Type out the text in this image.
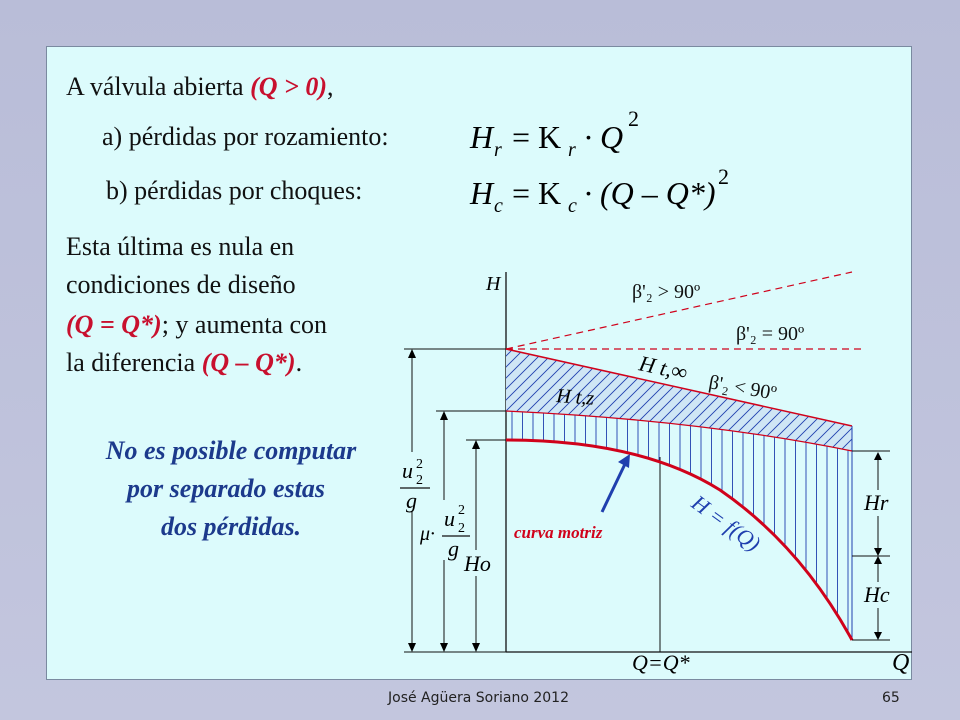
A válvula abierta (Q > 0),
a) pérdidas por rozamiento:
b) pérdidas por choques:
Esta última es nula en
condiciones de diseño
(Q = Q*); y aumenta con
la diferencia (Q – Q*).
No es posible computar
por separado estas
dos pérdidas.
H r = K r · Q
2
H c = K c · (Q – Q*) 2
H
Q
Q=Q*
β'₂ > 90º
β'₂ = 90º
β'₂ < 90º
H t,∞
H t,z
H = f(Q)
curva motriz
Hr
Hc
u 2
2
g
μ·
u 2
2
g
Ho
José Agüera Soriano 2012	65
